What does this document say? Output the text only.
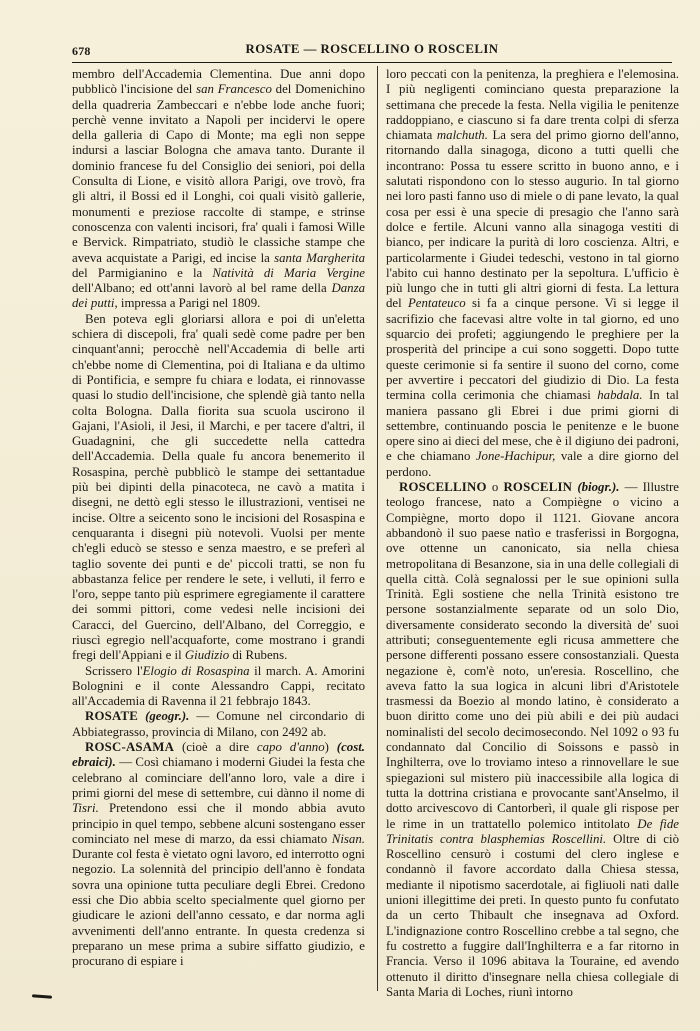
678	ROSATE — ROSCELLINO O ROSCELIN

membro dell'Accademia Clementina. Due anni dopo pubblicò l'incisione del san Francesco del Domenichino della quadreria Zambeccari e n'ebbe lode anche fuori; perchè venne invitato a Napoli per incidervi le opere della galleria di Capo di Monte; ma egli non seppe indursi a lasciar Bologna che amava tanto. Durante il dominio francese fu del Consiglio dei seniori, poi della Consulta di Lione, e visitò allora Parigi, ove trovò, fra gli altri, il Bossi ed il Longhi, coi quali visitò gallerie, monumenti e preziose raccolte di stampe, e strinse conoscenza con valenti incisori, fra' quali i famosi Wille e Bervick. Rimpatriato, studiò le classiche stampe che aveva acquistate a Parigi, ed incise la santa Margherita del Parmigianino e la Natività di Maria Vergine dell'Albano; ed ott'anni lavorò al bel rame della Danza dei putti, impressa a Parigi nel 1809.

Ben poteva egli gloriarsi allora e poi di un'eletta schiera di discepoli, fra' quali sedè come padre per ben cinquant'anni; perocchè nell'Accademia di belle arti ch'ebbe nome di Clementina, poi di Italiana e da ultimo di Pontificia, e sempre fu chiara e lodata, ei rinnovasse quasi lo studio dell'incisione, che splendè già tanto nella colta Bologna. Dalla fiorita sua scuola uscirono il Gajani, l'Asioli, il Jesi, il Marchi, e per tacere d'altri, il Guadagnini, che gli succedette nella cattedra dell'Accademia. Della quale fu ancora benemerito il Rosaspina, perchè pubblicò le stampe dei settantadue più bei dipinti della pinacoteca, ne cavò a matita i disegni, ne dettò egli stesso le illustrazioni, ventisei ne incise. Oltre a seicento sono le incisioni del Rosaspina e cenquaranta i disegni più notevoli. Vuolsi per mente ch'egli educò se stesso e senza maestro, e se preferì al taglio sovente dei punti e de' piccoli tratti, se non fu abbastanza felice per rendere le sete, i velluti, il ferro e l'oro, seppe tanto più esprimere egregiamente il carattere dei sommi pittori, come vedesi nelle incisioni dei Caracci, del Guercino, dell'Albano, del Correggio, e riuscì egregio nell'acquaforte, come mostrano i grandi fregi dell'Appiani e il Giudizio di Rubens.

Scrissero l'Elogio di Rosaspina il march. A. Amorini Bolognini e il conte Alessandro Cappi, recitato all'Accademia di Ravenna il 21 febbrajo 1843.

ROSATE (geogr.). — Comune nel circondario di Abbiategrasso, provincia di Milano, con 2492 ab.

ROSC-ASAMA (cioè a dire capo d'anno) (cost. ebraici). — Così chiamano i moderni Giudei la festa che celebrano al cominciare dell'anno loro, vale a dire i primi giorni del mese di settembre, cui dànno il nome di Tisri. Pretendono essi che il mondo abbia avuto principio in quel tempo, sebbene alcuni sostengano esser cominciato nel mese di marzo, da essi chiamato Nisan. Durante col festa è vietato ogni lavoro, ed interrotto ogni negozio. La solennità del principio dell'anno è fondata sovra una opinione tutta peculiare degli Ebrei. Credono essi che Dio abbia scelto specialmente quel giorno per giudicare le azioni dell'anno cessato, e dar norma agli avvenimenti dell'anno entrante. In questa credenza si preparano un mese prima a subire siffatto giudizio, e procurano di espiare i

loro peccati con la penitenza, la preghiera e l'elemosina. I più negligenti cominciano questa preparazione la settimana che precede la festa. Nella vigilia le penitenze raddoppiano, e ciascuno si fa dare trenta colpi di sferza chiamata malchuth. La sera del primo giorno dell'anno, ritornando dalla sinagoga, dicono a tutti quelli che incontrano: Possa tu essere scritto in buono anno, e i salutati rispondono con lo stesso augurio. In tal giorno nei loro pasti fanno uso di miele o di pane levato, la qual cosa per essi è una specie di presagio che l'anno sarà dolce e fertile. Alcuni vanno alla sinagoga vestiti di bianco, per indicare la purità di loro coscienza. Altri, e particolarmente i Giudei tedeschi, vestono in tal giorno l'abito cui hanno destinato per la sepoltura. L'ufficio è più lungo che in tutti gli altri giorni di festa. La lettura del Pentateuco si fa a cinque persone. Vi si legge il sacrifizio che facevasi altre volte in tal giorno, ed uno squarcio dei profeti; aggiungendo le preghiere per la prosperità del principe a cui sono soggetti. Dopo tutte queste cerimonie si fa sentire il suono del corno, come per avvertire i peccatori del giudizio di Dio. La festa termina colla cerimonia che chiamasi habdala. In tal maniera passano gli Ebrei i due primi giorni di settembre, continuando poscia le penitenze e le buone opere sino ai dieci del mese, che è il digiuno dei padroni, e che chiamano Jone-Hachipur, vale a dire giorno del perdono.

ROSCELLINO o ROSCELIN (biogr.). — Illustre teologo francese, nato a Compiègne o vicino a Compiègne, morto dopo il 1121. Giovane ancora abbandonò il suo paese natìo e trasferissi in Borgogna, ove ottenne un canonicato, sia nella chiesa metropolitana di Besanzone, sia in una delle collegiali di quella città. Colà segnalossi per le sue opinioni sulla Trinità. Egli sostiene che nella Trinità esistono tre persone sostanzialmente separate od un solo Dio, diversamente considerato secondo la diversità de' suoi attributi; conseguentemente egli ricusa ammettere che persone differenti possano essere consostanziali. Questa negazione è, com'è noto, un'eresia. Roscellino, che aveva fatto la sua logica in alcuni libri d'Aristotele trasmessi da Boezio al mondo latino, è considerato a buon diritto come uno dei più abili e dei più audaci nominalisti del secolo decimosecondo. Nel 1092 o 93 fu condannato dal Concilio di Soissons e passò in Inghilterra, ove lo troviamo inteso a rinnovellare le sue spiegazioni sul mistero più inaccessibile alla logica di tutta la dottrina cristiana e provocante sant'Anselmo, il dotto arcivescovo di Cantorberì, il quale gli rispose per le rime in un trattatello polemico intitolato De fide Trinitatis contra blasphemias Roscellini. Oltre di ciò Roscellino censurò i costumi del clero inglese e condannò il favore accordato dalla Chiesa stessa, mediante il nipotismo sacerdotale, ai figliuoli nati dalle unioni illegittime dei preti. In questo punto fu confutato da un certo Thibault che insegnava ad Oxford. L'indignazione contro Roscellino crebbe a tal segno, che fu costretto a fuggire dall'Inghilterra e a far ritorno in Francia. Verso il 1096 abitava la Touraine, ed avendo ottenuto il diritto d'insegnare nella chiesa collegiale di Santa Maria di Loches, riunì intorno
